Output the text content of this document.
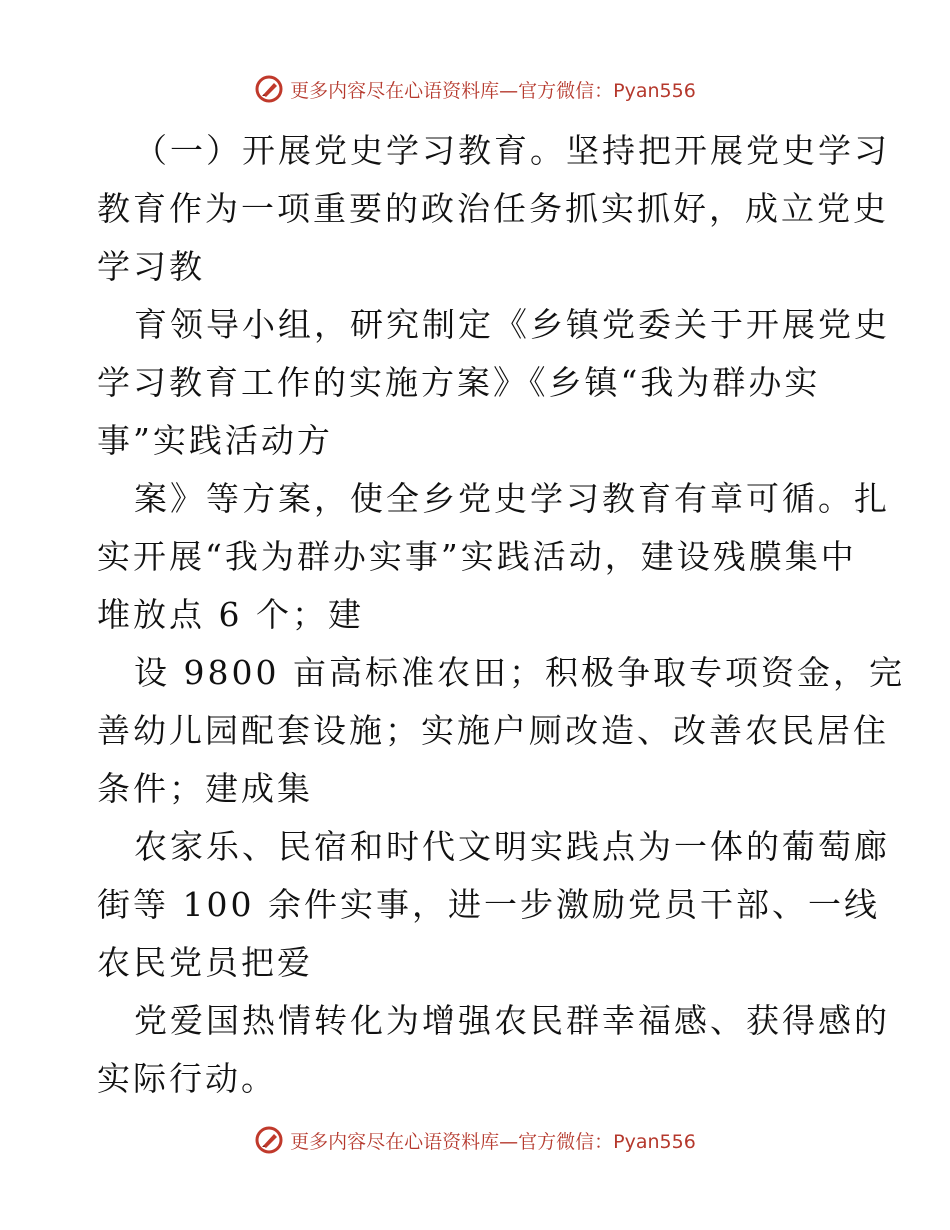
更多内容尽在心语资料库—官方微信：Pyan556

（一）开展党史学习教育。坚持把开展党史学习
教育作为一项重要的政治任务抓实抓好，成立党史
学习教
育领导小组，研究制定《乡镇党委关于开展党史
学习教育工作的实施方案》《乡镇“我为群办实
事”实践活动方
案》等方案，使全乡党史学习教育有章可循。扎
实开展“我为群办实事”实践活动，建设残膜集中
堆放点 6 个；建
设 9800 亩高标准农田；积极争取专项资金，完
善幼儿园配套设施；实施户厕改造、改善农民居住
条件；建成集
农家乐、民宿和时代文明实践点为一体的葡萄廊
街等 100 余件实事，进一步激励党员干部、一线
农民党员把爱
党爱国热情转化为增强农民群幸福感、获得感的
实际行动。

更多内容尽在心语资料库—官方微信：Pyan556
